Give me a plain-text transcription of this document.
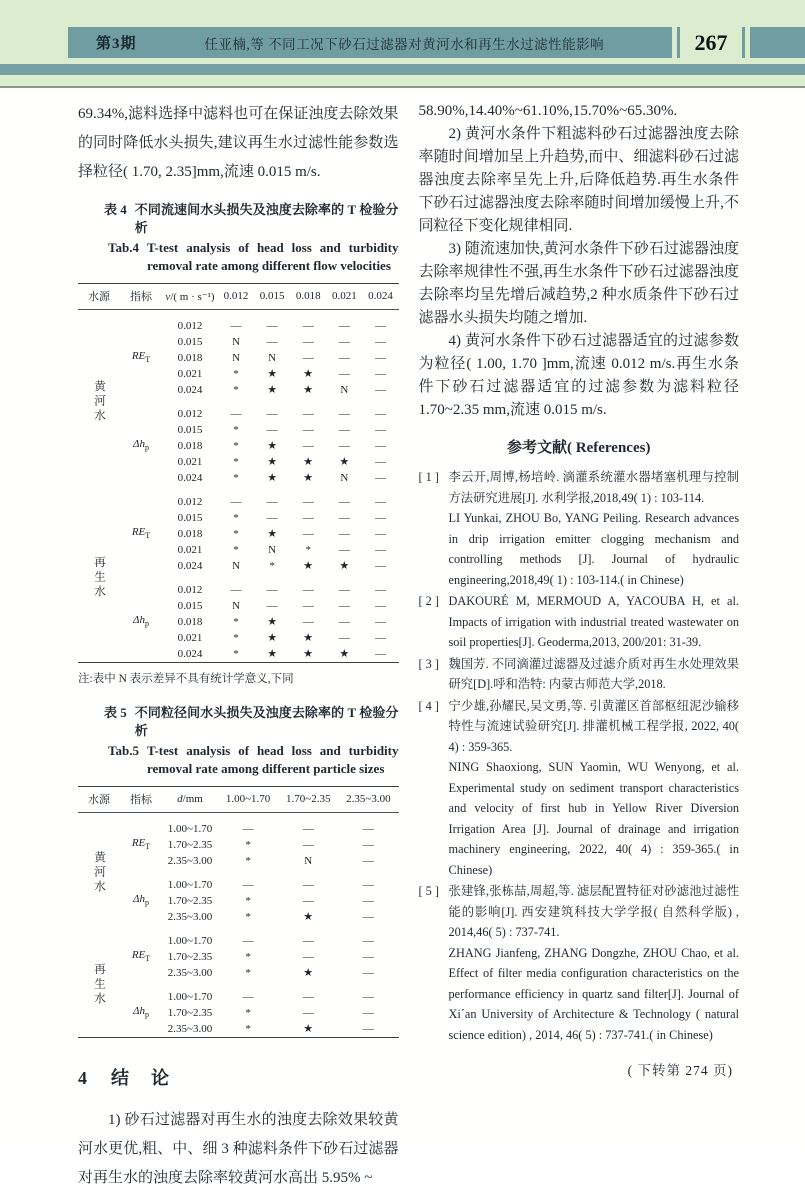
第3期	任亚楠,等 不同工况下砂石过滤器对黄河水和再生水过滤性能影响	267

69.34%,滤料选择中滤料也可在保证浊度去除效果的同时降低水头损失,建议再生水过滤性能参数选择粒径( 1.70, 2.35]mm,流速 0.015 m/s.

表 4 不同流速间水头损失及浊度去除率的 T 检验分析
Tab.4 T-test analysis of head loss and turbidity removal rate among different flow velocities
水源	指标	v/( m · s⁻¹)	0.012	0.015	0.018	0.021	0.024
黄河水	$RE_T$	0.012	—	—	—	—	—
		0.015	N	—	—	—	—
		0.018	N	N	—	—	—
		0.021	*	★	★	—	—
		0.024	*	★	★	N	—
	$\Delta h_p$	0.012	—	—	—	—	—
		0.015	*	—	—	—	—
		0.018	*	★	—	—	—
		0.021	*	★	★	★	—
		0.024	*	★	★	N	—
再生水	$RE_T$	0.012	—	—	—	—	—
		0.015	*	—	—	—	—
		0.018	*	★	—	—	—
		0.021	*	N	*	—	—
		0.024	N	*	★	★	—
	$\Delta h_p$	0.012	—	—	—	—	—
		0.015	N	—	—	—	—
		0.018	*	★	—	—	—
		0.021	*	★	★	—	—
		0.024	*	★	★	★	—

注:表中 N 表示差异不具有统计学意义,下同

表 5 不同粒径间水头损失及浊度去除率的 T 检验分析
Tab.5 T-test analysis of head loss and turbidity removal rate among different particle sizes
水源	指标	d/mm	1.00~1.70	1.70~2.35	2.35~3.00
黄河水	$RE_T$	1.00~1.70	—	—	—
		1.70~2.35	*	—	—
		2.35~3.00	*	N	—
	$\Delta h_p$	1.00~1.70	—	—	—
		1.70~2.35	*	—	—
		2.35~3.00	*	★	—
再生水	$RE_T$	1.00~1.70	—	—	—
		1.70~2.35	*	—	—
		2.35~3.00	*	★	—
	$\Delta h_p$	1.00~1.70	—	—	—
		1.70~2.35	*	—	—
		2.35~3.00	*	★	—
4 结　论

1) 砂石过滤器对再生水的浊度去除效果较黄河水更优,粗、中、细 3 种滤料条件下砂石过滤器对再生水的浊度去除率较黄河水高出 5.95% ~

58.90%,14.40%~61.10%,15.70%~65.30%.

2) 黄河水条件下粗滤料砂石过滤器浊度去除率随时间增加呈上升趋势,而中、细滤料砂石过滤器浊度去除率呈先上升,后降低趋势.再生水条件下砂石过滤器浊度去除率随时间增加缓慢上升,不同粒径下变化规律相同.

3) 随流速加快,黄河水条件下砂石过滤器浊度去除率规律性不强,再生水条件下砂石过滤器浊度去除率均呈先增后减趋势,2 种水质条件下砂石过滤器水头损失均随之增加.

4) 黄河水条件下砂石过滤器适宜的过滤参数为粒径( 1.00, 1.70 ]mm,流速 0.012 m/s.再生水条件下砂石过滤器适宜的过滤参数为滤料粒径 1.70~2.35 mm,流速 0.015 m/s.

参考文献( References)
[ 1 ] 李云开,周博,杨培岭. 滴灌系统灌水器堵塞机理与控制方法研究进展[J]. 水利学报,2018,49( 1) : 103-114.
LI Yunkai, ZHOU Bo, YANG Peiling. Research advances in drip irrigation emitter clogging mechanism and controlling methods [J]. Journal of hydraulic engineering,2018,49( 1) : 103-114.( in Chinese)
[ 2 ] DAKOURÉ M, MERMOUD A, YACOUBA H, et al. Impacts of irrigation with industrial treated wastewater on soil properties[J]. Geoderma,2013, 200/201: 31-39.
[ 3 ] 魏国芳. 不同滴灌过滤器及过滤介质对再生水处理效果研究[D].呼和浩特: 内蒙古师范大学,2018.
[ 4 ] 宁少雄,孙耀民,吴文勇,等. 引黄灌区首部枢纽泥沙输移特性与流速试验研究[J]. 排灌机械工程学报, 2022, 40( 4) : 359-365.
NING Shaoxiong, SUN Yaomin, WU Wenyong, et al. Experimental study on sediment transport characteristics and velocity of first hub in Yellow River Diversion Irrigation Area [J]. Journal of drainage and irrigation machinery engineering, 2022, 40( 4) : 359-365.( in Chinese)
[ 5 ] 张建锋,张栋喆,周超,等. 滤层配置特征对砂滤池过滤性能的影响[J]. 西安建筑科技大学学报( 自然科学版) , 2014,46( 5) : 737-741.
ZHANG Jianfeng, ZHANG Dongzhe, ZHOU Chao, et al. Effect of filter media configuration characteristics on the performance efficiency in quartz sand filter[J]. Journal of Xi´an University of Architecture & Technology ( natural science edition) , 2014, 46( 5) : 737-741.( in Chinese)

( 下转第 274 页)
